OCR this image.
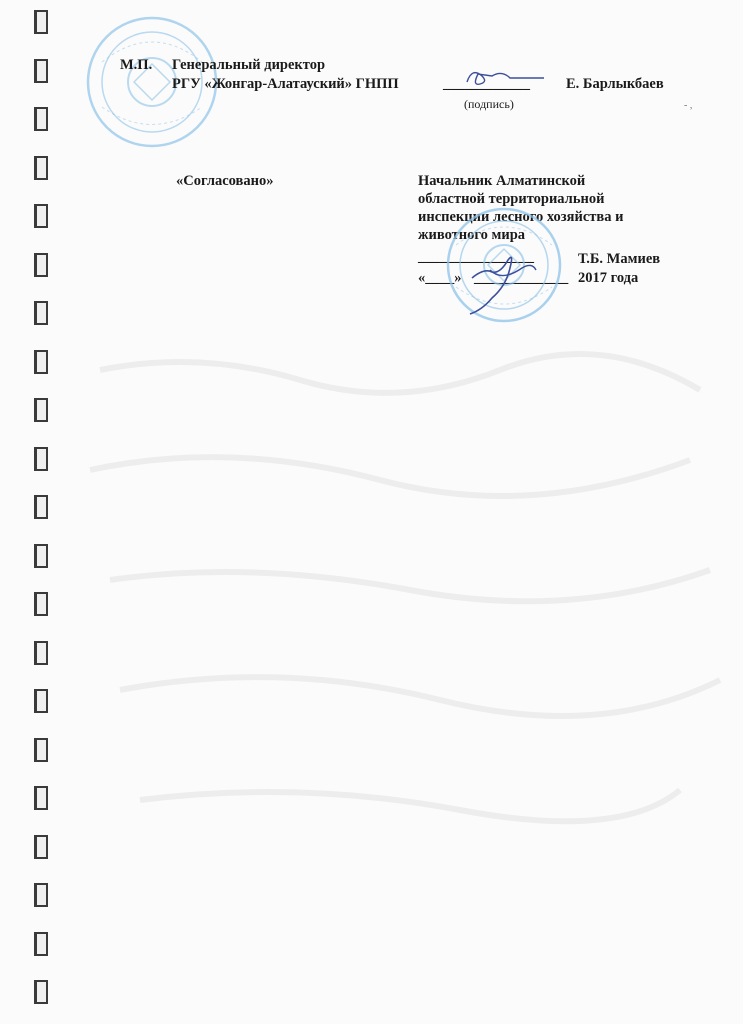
М.П. Генеральный директор
РГУ «Жонгар-Алатауский» ГНПП	____________ Е. Барлыкбаев
(подпись)	- ,
«Согласовано»	Начальник Алматинской
областной территориальной
инспекции лесного хозяйства и
животного мира
________________	Т.Б. Мамиев
«____» _____________ 2017 года
